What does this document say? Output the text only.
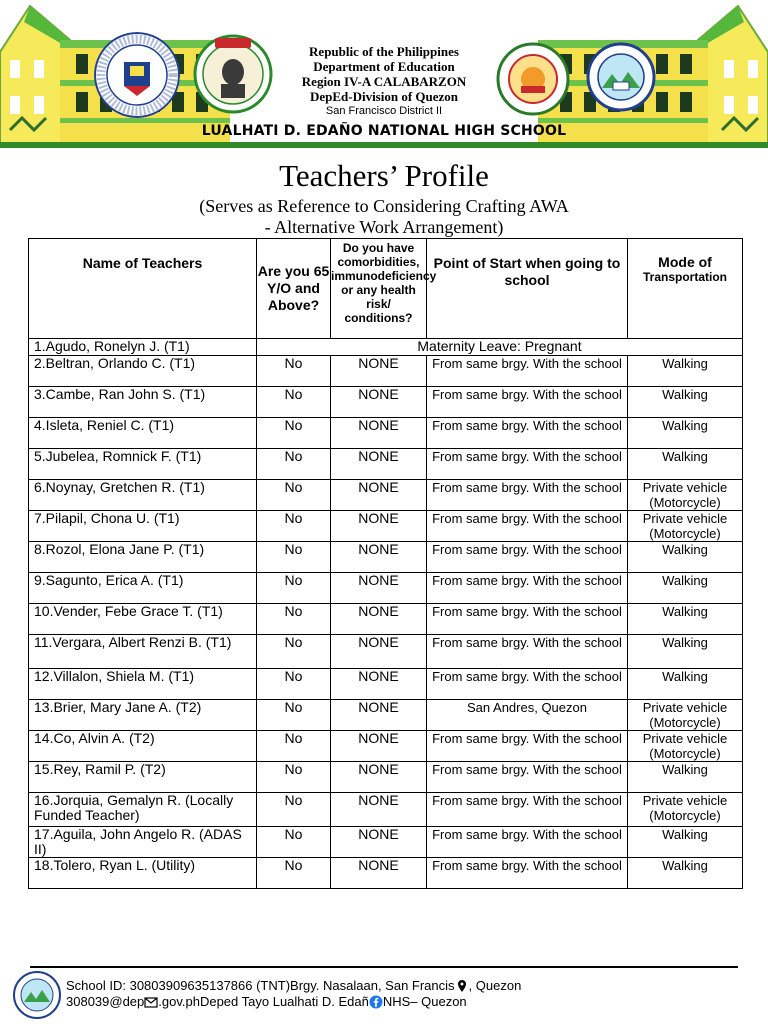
Republic of the Philippines
Department of Education
Region IV-A CALABARZON
DepEd-Division of Quezon
San Francisco District II
LUALHATI D. EDAÑO NATIONAL HIGH SCHOOL
Teachers’ Profile
(Serves as Reference to Considering Crafting AWA
- Alternative Work Arrangement)
Name of Teachers	Are you 65 Y/O and Above?	Do you have comorbidities, immunodeficiency or any health risk/ conditions?	Point of Start when going to school	Mode of
Transportation

1.Agudo, Ronelyn J. (T1)	Maternity Leave: Pregnant			
2.Beltran, Orlando C. (T1)	No	NONE	From same brgy. With the school	Walking
3.Cambe, Ran John S. (T1)	No	NONE	From same brgy. With the school	Walking
4.Isleta, Reniel C. (T1)	No	NONE	From same brgy. With the school	Walking
5.Jubelea, Romnick F. (T1)	No	NONE	From same brgy. With the school	Walking
6.Noynay, Gretchen R. (T1)	No	NONE	From same brgy. With the school	Private vehicle (Motorcycle)
7.Pilapil, Chona U. (T1)	No	NONE	From same brgy. With the school	Private vehicle (Motorcycle)
8.Rozol, Elona Jane P. (T1)	No	NONE	From same brgy. With the school	Walking
9.Sagunto, Erica A. (T1)	No	NONE	From same brgy. With the school	Walking
10.Vender, Febe Grace T. (T1)	No	NONE	From same brgy. With the school	Walking
11.Vergara, Albert Renzi B. (T1)	No	NONE	From same brgy. With the school	Walking
12.Villalon, Shiela M. (T1)	No	NONE	From same brgy. With the school	Walking
13.Brier, Mary Jane A. (T2)	No	NONE	San Andres, Quezon	Private vehicle (Motorcycle)
14.Co, Alvin A. (T2)	No	NONE	From same brgy. With the school	Private vehicle (Motorcycle)
15.Rey, Ramil P. (T2)	No	NONE	From same brgy. With the school	Walking
16.Jorquia, Gemalyn R. (Locally Funded Teacher)	No	NONE	From same brgy. With the school	Private vehicle (Motorcycle)
17.Aguila, John Angelo R. (ADAS II)	No	NONE	From same brgy. With the school	Walking
18.Tolero, Ryan L. (Utility)	No	NONE	From same brgy. With the school	Walking
School ID: 30803909635137866 (TNT)Brgy. Nasalaan, San Francis , Quezon
308039@dep .gov.phDeped Tayo Lualhati D. Edañ NHS– Quezon
